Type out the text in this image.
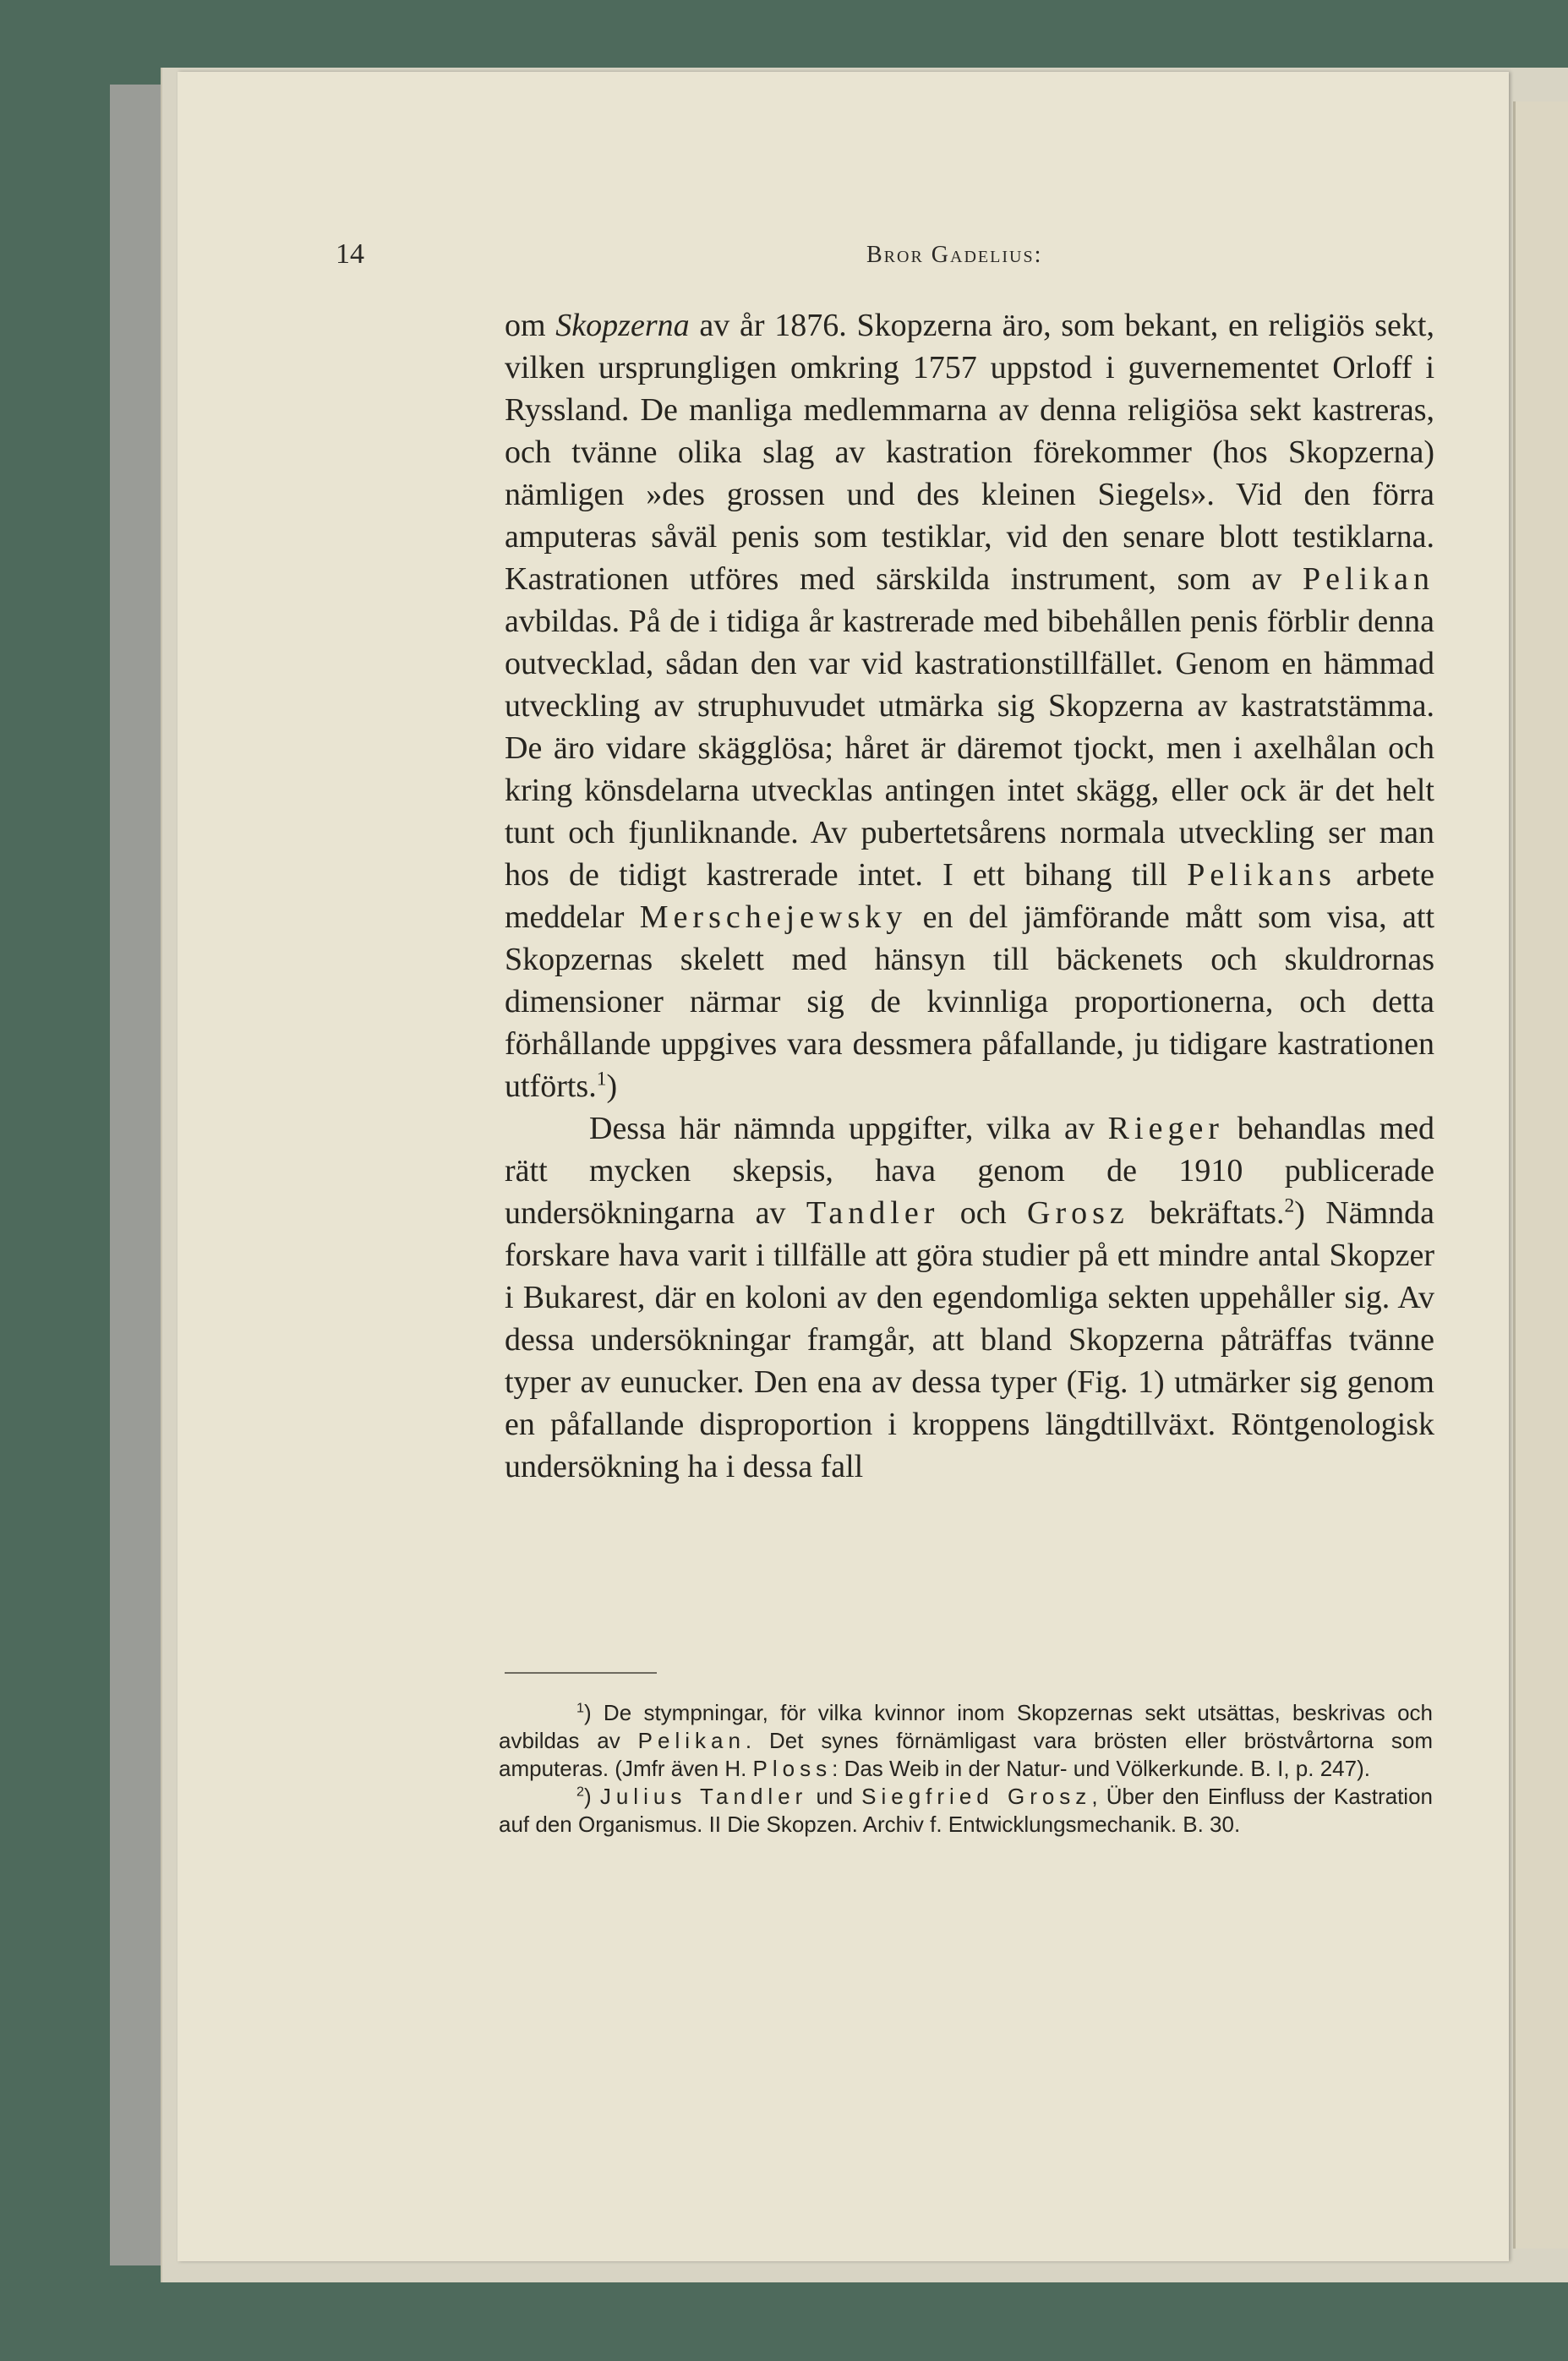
14	Bror Gadelius:

om Skopzerna av år 1876. Skopzerna äro, som bekant, en religiös sekt, vilken ursprungligen omkring 1757 uppstod i guvernementet Orloff i Ryssland. De manliga medlemmarna av denna religiösa sekt kastreras, och tvänne olika slag av kastration förekommer (hos Skopzerna) nämligen »des grossen und des kleinen Siegels». Vid den förra amputeras såväl penis som testiklar, vid den senare blott testiklarna. Kastrationen utföres med särskilda instrument, som av Pelikan avbildas. På de i tidiga år kastrerade med bibehållen penis förblir denna outvecklad, sådan den var vid kastrationstillfället. Genom en hämmad utveckling av struphuvudet utmärka sig Skopzerna av kastratstämma. De äro vidare skägglösa; håret är däremot tjockt, men i axelhålan och kring könsdelarna utvecklas antingen intet skägg, eller ock är det helt tunt och fjunliknande. Av pubertetsårens normala utveckling ser man hos de tidigt kastrerade intet. I ett bihang till Pelikans arbete meddelar Merschejewsky en del jämförande mått som visa, att Skopzernas skelett med hänsyn till bäckenets och skuldrornas dimensioner närmar sig de kvinnliga proportionerna, och detta förhållande uppgives vara dessmera påfallande, ju tidigare kastrationen utförts.$^1$)

Dessa här nämnda uppgifter, vilka av Rieger behandlas med rätt mycken skepsis, hava genom de 1910 publicerade undersökningarna av Tandler och Grosz bekräftats.$^2$) Nämnda forskare hava varit i tillfälle att göra studier på ett mindre antal Skopzer i Bukarest, där en koloni av den egendomliga sekten uppehåller sig. Av dessa undersökningar framgår, att bland Skopzerna påträffas tvänne typer av eunucker. Den ena av dessa typer (Fig. 1) utmärker sig genom en påfallande disproportion i kroppens längdtillväxt. Röntgenologisk undersökning ha i dessa fall

$^1$) De stympningar, för vilka kvinnor inom Skopzernas sekt utsättas, beskrivas och avbildas av Pelikan. Det synes förnämligast vara brösten eller bröstvårtorna som amputeras. (Jmfr även H. Ploss: Das Weib in der Natur- und Völkerkunde. B. I, p. 247).

$^2$) Julius Tandler und Siegfried Grosz, Über den Einfluss der Kastration auf den Organismus. II Die Skopzen. Archiv f. Entwicklungsmechanik. B. 30.
